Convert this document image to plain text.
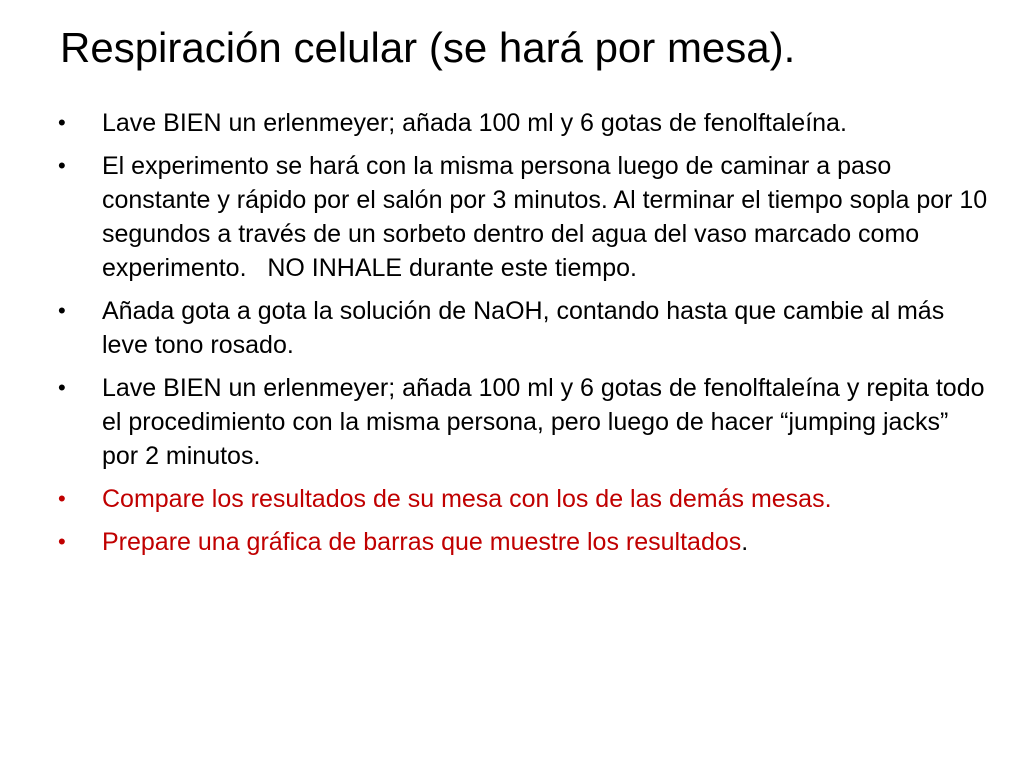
Respiración celular (se hará por mesa).
•	Lave BIEN un erlenmeyer; añada 100 ml y 6 gotas de fenolftaleína.
•	El experimento se hará con la misma persona luego de caminar a paso constante y rápido por el salón por 3 minutos. Al terminar el tiempo sopla por 10 segundos a través de un sorbeto dentro del agua del vaso marcado como experimento.   NO INHALE durante este tiempo.
•	Añada gota a gota la solución de NaOH, contando hasta que cambie al más leve tono rosado.
•	Lave BIEN un erlenmeyer; añada 100 ml y 6 gotas de fenolftaleína y repita todo el procedimiento con la misma persona, pero luego de hacer “jumping jacks” por 2 minutos.
•	Compare los resultados de su mesa con los de las demás mesas.
•	Prepare una gráfica de barras que muestre los resultados.
